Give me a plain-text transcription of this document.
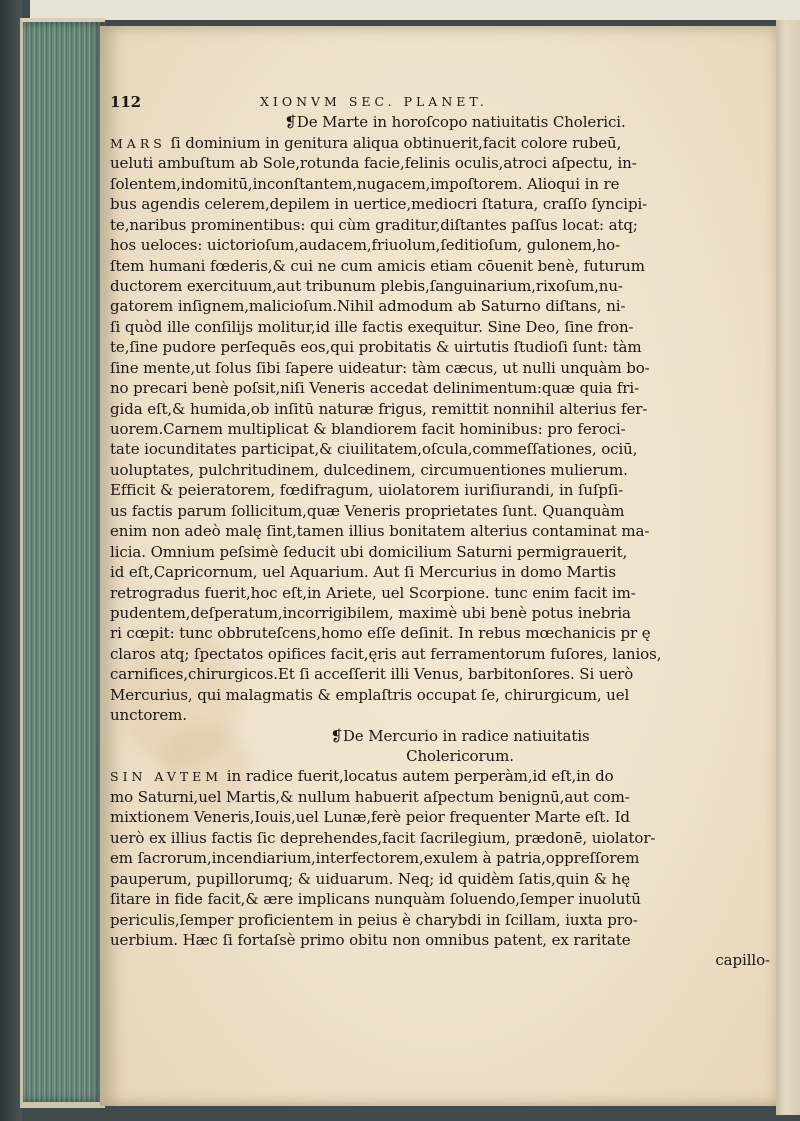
112	XIONVM SEC. PLANET.
❡De Marte in horoſcopo natiuitatis Cholerici.
MARS ſi dominium in genitura aliqua obtinuerit,facit colore rubeū,
ueluti ambuſtum ab Sole,rotunda facie,felinis oculis,atroci aſpectu, in-
ſolentem,indomitū,inconſtantem,nugacem,impoſtorem. Alioqui in re
bus agendis celerem,depilem in uertice,mediocri ſtatura, craſſo ſyncipi-
te,naribus prominentibus: qui cùm graditur,diſtantes paſſus locat: atq;
hos ueloces: uictorioſum,audacem,friuolum,ſeditioſum, gulonem,ho-
ſtem humani fœderis,& cui ne cum amicis etiam cōuenit benè, futurum
ductorem exercituum,aut tribunum plebis,ſanguinarium,rixoſum,nu-
gatorem inſignem,malicioſum.Nihil admodum ab Saturno diſtans, ni-
ſi quòd ille conſilijs molitur,id ille factis exequitur. Sine Deo, ſine fron-
te,ſine pudore perſequēs eos,qui probitatis & uirtutis ſtudioſi ſunt: tàm
ſine mente,ut ſolus ſibi ſapere uideatur: tàm cæcus, ut nulli unquàm bo-
no precari benè poſsit,niſi Veneris accedat delinimentum:quæ quia fri-
gida eſt,& humida,ob inſitū naturæ frigus, remittit nonnihil alterius fer-
uorem.Carnem multiplicat & blandiorem facit hominibus: pro feroci-
tate iocunditates participat,& ciuilitatem,oſcula,commeſſationes, ociū,
uoluptates, pulchritudinem, dulcedinem, circumuentiones mulierum.
Efficit & peieratorem, fœdifragum, uiolatorem iuriſiurandi, in ſuſpſi-
us factis parum ſollicitum,quæ Veneris proprietates ſunt. Quanquàm
enim non adeò malę ſint,tamen illius bonitatem alterius contaminat ma-
licia. Omnium peſsimè ſeducit ubi domicilium Saturni permigrauerit,
id eſt,Capricornum, uel Aquarium. Aut ſi Mercurius in domo Martis
retrogradus fuerit,hoc eſt,in Ariete, uel Scorpione. tunc enim facit im-
pudentem,deſperatum,incorrigibilem, maximè ubi benè potus inebria
ri cœpit: tunc obbruteſcens,homo eſſe deſinit. In rebus mœchanicis pr ę
claros atq; ſpectatos opifices facit,ęris aut ferramentorum fuſores, lanios,
carnifices,chirurgicos.Et ſi acceſſerit illi Venus, barbitonſores. Si uerò
Mercurius, qui malagmatis & emplaſtris occupat ſe, chirurgicum, uel
unctorem.
❡De Mercurio in radice natiuitatis
Cholericorum.
SIN AVTEM in radice fuerit,locatus autem perperàm,id eſt,in do
mo Saturni,uel Martis,& nullum habuerit aſpectum benignū,aut com-
mixtionem Veneris,Iouis,uel Lunæ,ferè peior frequenter Marte eſt. Id
uerò ex illius factis ſic deprehendes,facit ſacrilegium, prædonē, uiolator-
em ſacrorum,incendiarium,interfectorem,exulem à patria,oppreſſorem
pauperum, pupillorumq; & uiduarum. Neq; id quidèm ſatis,quin & hę
ſitare in fide facit,& ære implicans nunquàm ſoluendo,ſemper inuolutū
periculis,ſemper proficientem in peius è charybdi in ſcillam, iuxta pro-
uerbium. Hæc ſi fortaſsè primo obitu non omnibus patent, ex raritate
capillo-
